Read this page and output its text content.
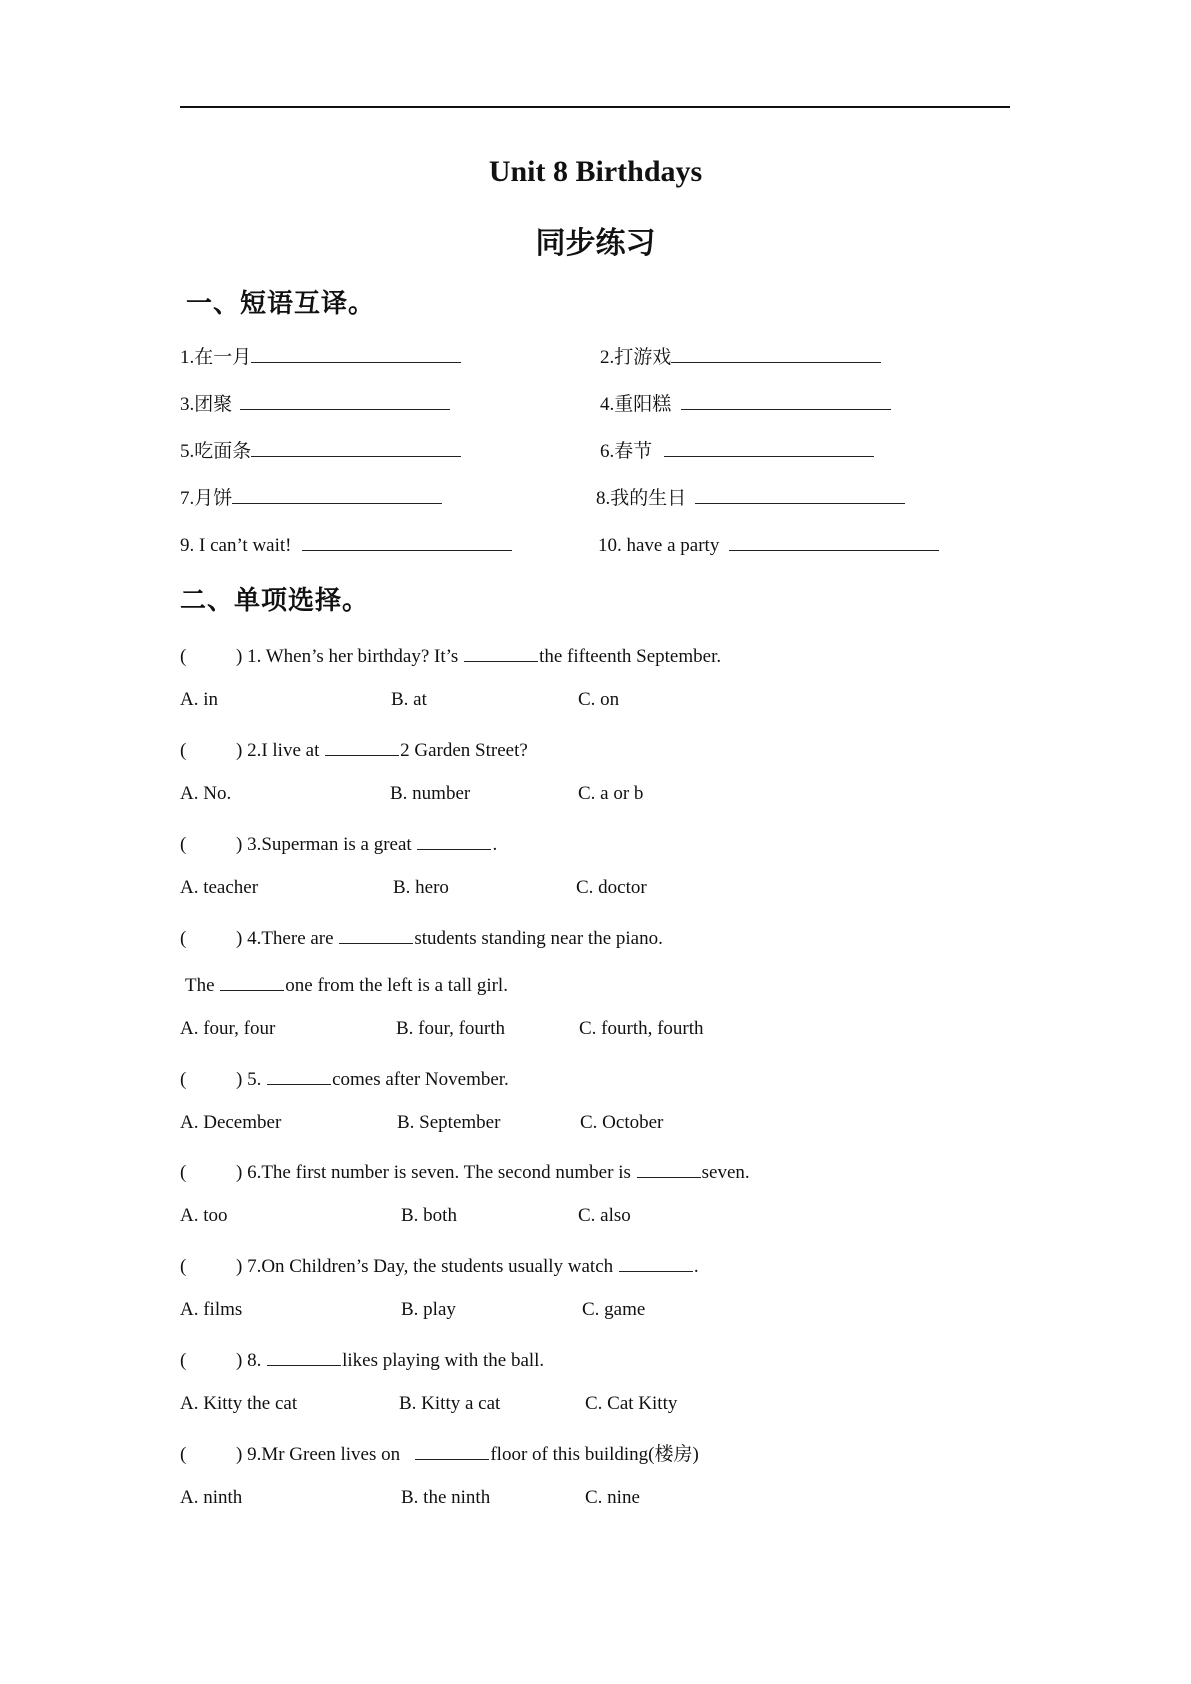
Unit 8 Birthdays
同步练习
一、短语互译。
1.在一月	2.打游戏
3.团聚	4.重阳糕
5.吃面条	6.春节
7.月饼	8.我的生日
9. I can’t wait!	10. have a party
二、单项选择。
(	) 1. When’s her birthday? It’s	the fifteenth September.
A. in	B. at	C. on
(	) 2.I live at	2 Garden Street?
A. No.	B. number	C. a or b
(	) 3.Superman is a great	.
A. teacher	B. hero	C. doctor
(	) 4.There are	students standing near the piano.
The	one from the left is a tall girl.
A. four, four	B. four, fourth	C. fourth, fourth
(	) 5.	comes after November.
A. December	B. September	C. October
(	) 6.The first number is seven. The second number is	seven.
A. too	B. both	C. also
(	) 7.On Children’s Day, the students usually watch	.
A. films	B. play	C. game
(	) 8.	likes playing with the ball.
A. Kitty the cat	B. Kitty a cat	C. Cat Kitty
(	) 9.Mr Green lives on	floor of this building(楼房)
A. ninth	B. the ninth	C. nine
